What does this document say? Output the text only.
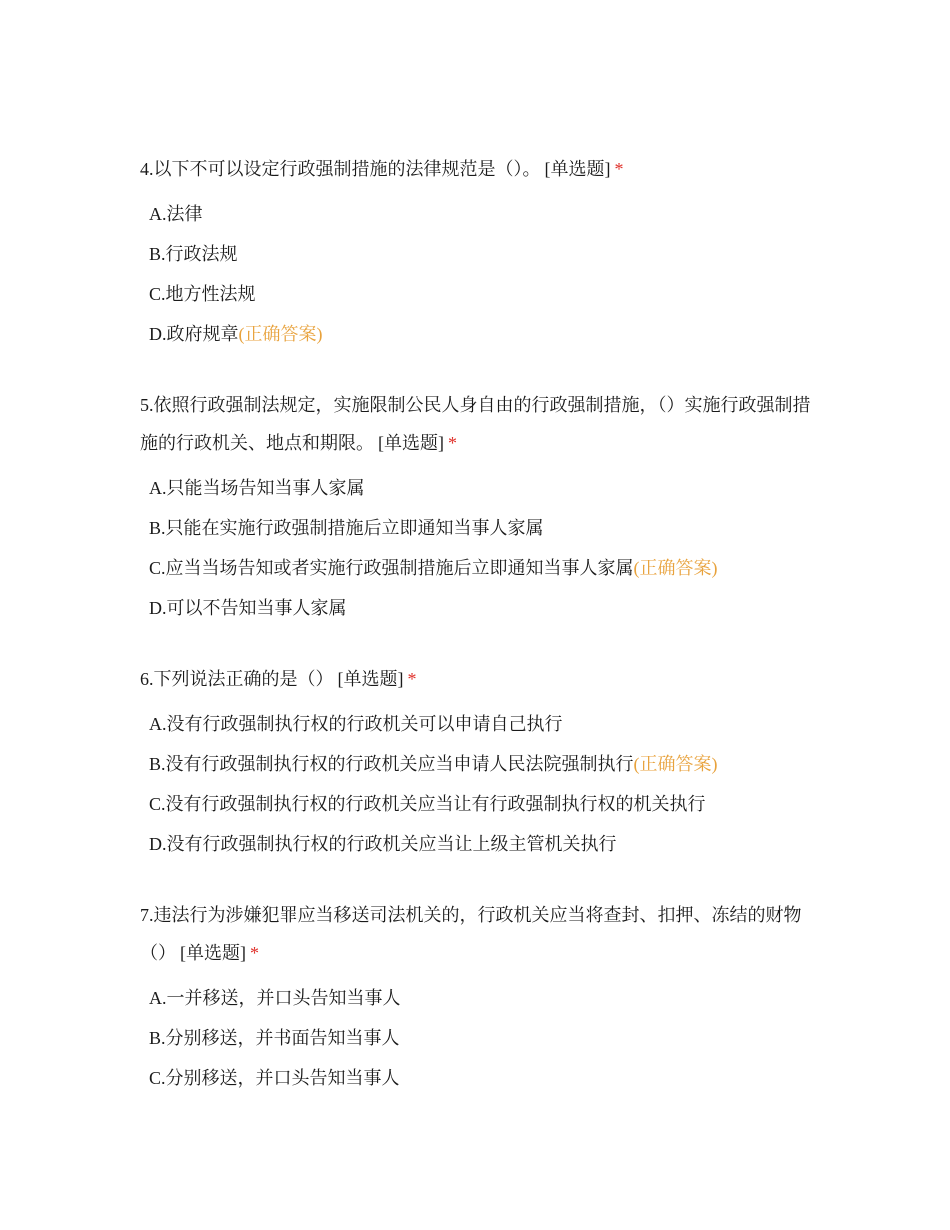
4.以下不可以设定行政强制措施的法律规范是（）。 [单选题] *

A.法律
B.行政法规
C.地方性法规
D.政府规章(正确答案)

5.依照行政强制法规定，实施限制公民人身自由的行政强制措施，（）实施行政强制措施的行政机关、地点和期限。 [单选题] *

A.只能当场告知当事人家属
B.只能在实施行政强制措施后立即通知当事人家属
C.应当当场告知或者实施行政强制措施后立即通知当事人家属(正确答案)
D.可以不告知当事人家属

6.下列说法正确的是（） [单选题] *

A.没有行政强制执行权的行政机关可以申请自己执行
B.没有行政强制执行权的行政机关应当申请人民法院强制执行(正确答案)
C.没有行政强制执行权的行政机关应当让有行政强制执行权的机关执行
D.没有行政强制执行权的行政机关应当让上级主管机关执行

7.违法行为涉嫌犯罪应当移送司法机关的，行政机关应当将查封、扣押、冻结的财物（） [单选题] *

A.一并移送，并口头告知当事人
B.分别移送，并书面告知当事人
C.分别移送，并口头告知当事人
